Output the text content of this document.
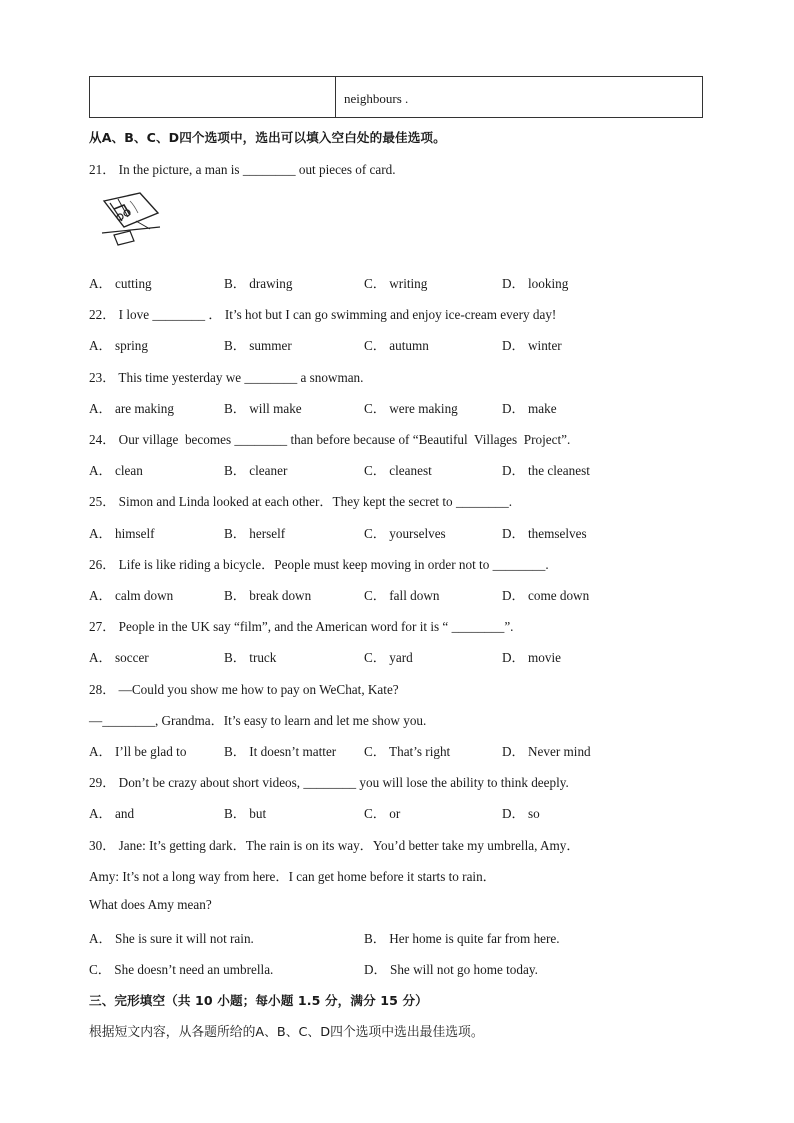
neighbours .
从A、B、C、D四个选项中，选出可以填入空白处的最佳选项。
21． In the picture, a man is ________ out pieces of card.
A． cutting	B． drawing	C． writing	D． looking
22． I love ________ ． It’s hot but I can go swimming and enjoy ice-cream every day!
A． spring	B． summer	C． autumn	D． winter
23． This time yesterday we ________ a snowman.
A． are making	B． will make	C． were making	D． make
24． Our village  becomes ________ than before because of “Beautiful  Villages  Project”.
A． clean	B． cleaner	C． cleanest	D． the cleanest
25． Simon and Linda looked at each other．They kept the secret to ________.
A． himself	B． herself	C． yourselves	D． themselves
26． Life is like riding a bicycle．People must keep moving in order not to ________.
A． calm down	B． break down	C． fall down	D． come down
27． People in the UK say “film”, and the American word for it is “ ________”.
A． soccer	B． truck	C． yard	D． movie
28． —Could you show me how to pay on WeChat, Kate?
—________, Grandma．It’s easy to learn and let me show you.
A． I’ll be glad to	B． It doesn’t matter C． That’s right	D． Never mind
29． Don’t be crazy about short videos, ________ you will lose the ability to think deeply.
A． and	B． but	C． or	D． so
30． Jane: It’s getting dark．The rain is on its way．You’d better take my umbrella, Amy．
Amy: It’s not a long way from here．I can get home before it starts to rain．
What does Amy mean?
A． She is sure it will not rain.	B． Her home is quite far from here.
C． She doesn’t need an umbrella.	D． She will not go home today.
三、完形填空（共 10 小题；每小题 1.5 分，满分 15 分）
根据短文内容，从各题所给的A、B、C、D四个选项中选出最佳选项。
